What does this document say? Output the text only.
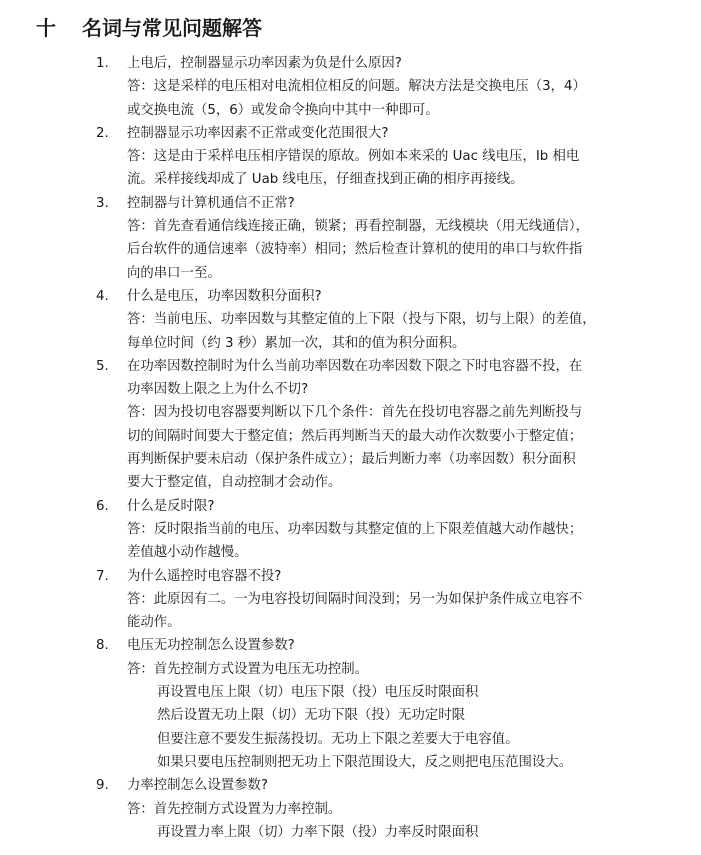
十 名词与常见问题解答
1.	上电后，控制器显示功率因素为负是什么原因?
答：这是采样的电压相对电流相位相反的问题。解决方法是交换电压（3，4）
或交换电流（5，6）或发命令换向中其中一种即可。
2.	控制器显示功率因素不正常或变化范围很大?
答：这是由于采样电压相序错误的原故。例如本来采的 Uac 线电压，Ib 相电
流。采样接线却成了 Uab 线电压，仔细查找到正确的相序再接线。
3.	控制器与计算机通信不正常?
答：首先查看通信线连接正确，锁紧；再看控制器，无线模块（用无线通信），
后台软件的通信速率（波特率）相同；然后检查计算机的使用的串口与软件指
向的串口一至。
4.	什么是电压，功率因数积分面积?
答：当前电压、功率因数与其整定值的上下限（投与下限，切与上限）的差值，
每单位时间（约 3 秒）累加一次，其和的值为积分面积。
5.	在功率因数控制时为什么当前功率因数在功率因数下限之下时电容器不投，在
功率因数上限之上为什么不切?
答：因为投切电容器要判断以下几个条件：首先在投切电容器之前先判断投与
切的间隔时间要大于整定值；然后再判断当天的最大动作次数要小于整定值；
再判断保护要未启动（保护条件成立）；最后判断力率（功率因数）积分面积
要大于整定值，自动控制才会动作。
6.	什么是反时限?
答：反时限指当前的电压、功率因数与其整定值的上下限差值越大动作越快；
差值越小动作越慢。
7.	为什么遥控时电容器不投?
答：此原因有二。一为电容投切间隔时间没到；另一为如保护条件成立电容不
能动作。
8.	电压无功控制怎么设置参数?
答：首先控制方式设置为电压无功控制。
再设置电压上限（切）电压下限（投）电压反时限面积
然后设置无功上限（切）无功下限（投）无功定时限
但要注意不要发生振荡投切。无功上下限之差要大于电容值。
如果只要电压控制则把无功上下限范围设大，反之则把电压范围设大。
9.	力率控制怎么设置参数?
答：首先控制方式设置为力率控制。
再设置力率上限（切）力率下限（投）力率反时限面积
